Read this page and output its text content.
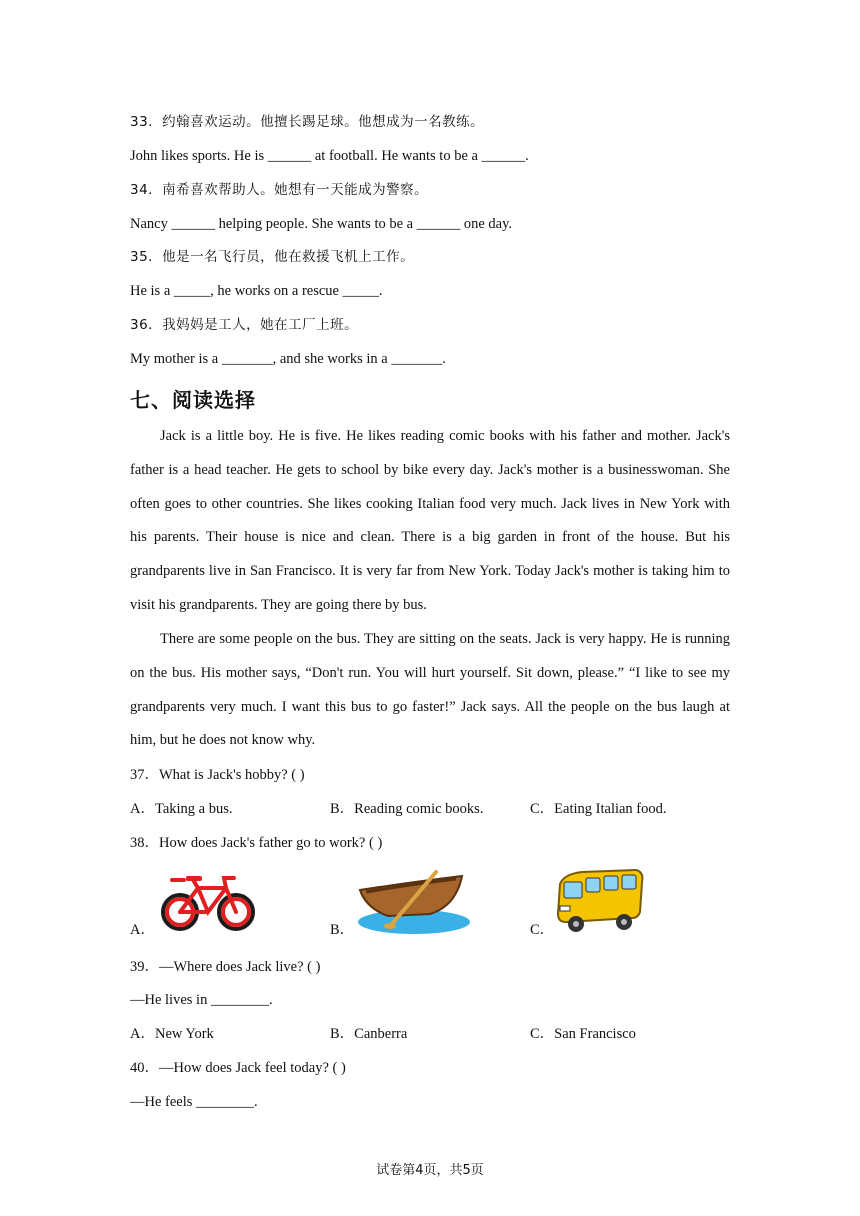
33．约翰喜欢运动。他擅长踢足球。他想成为一名教练。
John likes sports. He is ______ at football. He wants to be a ______.
34．南希喜欢帮助人。她想有一天能成为警察。
Nancy ______ helping people. She wants to be a ______ one day.
35．他是一名飞行员，他在救援飞机上工作。
He is a _____, he works on a rescue _____.
36．我妈妈是工人，她在工厂上班。
My mother is a _______, and she works in a _______.
七、阅读选择
Jack is a little boy. He is five. He likes reading comic books with his father and mother. Jack's father is a head teacher. He gets to school by bike every day. Jack's mother is a businesswoman. She often goes to other countries. She likes cooking Italian food very much. Jack lives in New York with his parents. Their house is nice and clean. There is a big garden in front of the house. But his grandparents live in San Francisco. It is very far from New York. Today Jack's mother is taking him to visit his grandparents. They are going there by bus.
There are some people on the bus. They are sitting on the seats. Jack is very happy. He is running on the bus. His mother says, “Don't run. You will hurt yourself. Sit down, please.” “I like to see my grandparents very much. I want this bus to go faster!” Jack says. All the people on the bus laugh at him, but he does not know why.
37．What is Jack's hobby? ( )
A．Taking a bus.	B．Reading comic books.	C．Eating Italian food.
38．How does Jack's father go to work? ( )
A．	B．	C．
39．—Where does Jack live? ( )
—He lives in ________.
A．New York	B．Canberra	C．San Francisco
40．—How does Jack feel today? ( )
—He feels ________.
试卷第4页，共5页
